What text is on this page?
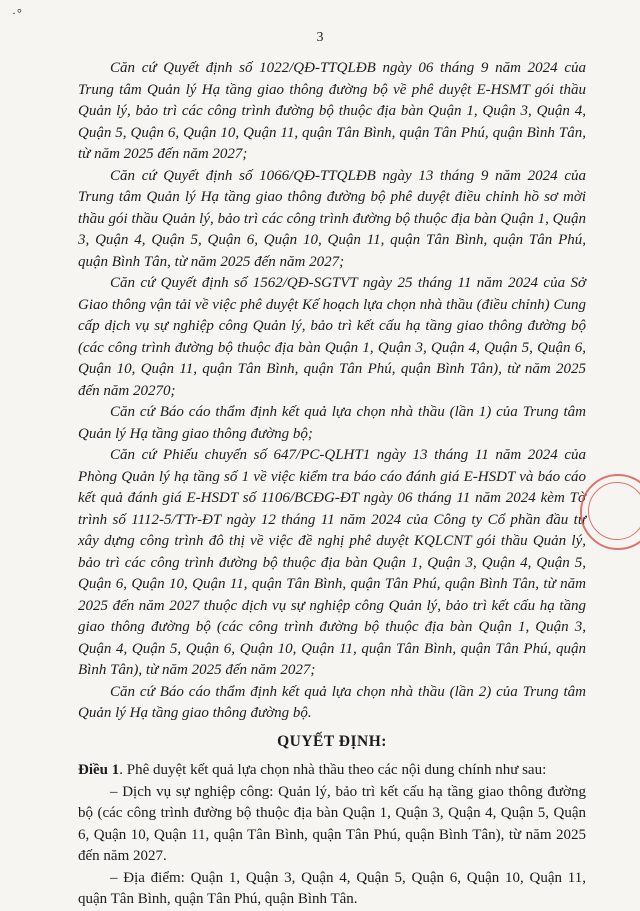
·°
3

Căn cứ Quyết định số 1022/QĐ-TTQLĐB ngày 06 tháng 9 năm 2024 của Trung tâm Quản lý Hạ tầng giao thông đường bộ về phê duyệt E-HSMT gói thầu Quản lý, bảo trì các công trình đường bộ thuộc địa bàn Quận 1, Quận 3, Quận 4, Quận 5, Quận 6, Quận 10, Quận 11, quận Tân Bình, quận Tân Phú, quận Bình Tân, từ năm 2025 đến năm 2027;

Căn cứ Quyết định số 1066/QĐ-TTQLĐB ngày 13 tháng 9 năm 2024 của Trung tâm Quản lý Hạ tầng giao thông đường bộ phê duyệt điều chỉnh hồ sơ mời thầu gói thầu Quản lý, bảo trì các công trình đường bộ thuộc địa bàn Quận 1, Quận 3, Quận 4, Quận 5, Quận 6, Quận 10, Quận 11, quận Tân Bình, quận Tân Phú, quận Bình Tân, từ năm 2025 đến năm 2027;

Căn cứ Quyết định số 1562/QĐ-SGTVT ngày 25 tháng 11 năm 2024 của Sở Giao thông vận tải về việc phê duyệt Kế hoạch lựa chọn nhà thầu (điều chỉnh) Cung cấp dịch vụ sự nghiệp công Quản lý, bảo trì kết cấu hạ tầng giao thông đường bộ (các công trình đường bộ thuộc địa bàn Quận 1, Quận 3, Quận 4, Quận 5, Quận 6, Quận 10, Quận 11, quận Tân Bình, quận Tân Phú, quận Bình Tân), từ năm 2025 đến năm 20270;

Căn cứ Báo cáo thẩm định kết quả lựa chọn nhà thầu (lần 1) của Trung tâm Quản lý Hạ tầng giao thông đường bộ;

Căn cứ Phiếu chuyển số 647/PC-QLHT1 ngày 13 tháng 11 năm 2024 của Phòng Quản lý hạ tầng số 1 về việc kiểm tra báo cáo đánh giá E-HSDT và báo cáo kết quả đánh giá E-HSDT số 1106/BCĐG-ĐT ngày 06 tháng 11 năm 2024 kèm Tờ trình số 1112-5/TTr-ĐT ngày 12 tháng 11 năm 2024 của Công ty Cổ phần đầu tư xây dựng công trình đô thị về việc đề nghị phê duyệt KQLCNT gói thầu Quản lý, bảo trì các công trình đường bộ thuộc địa bàn Quận 1, Quận 3, Quận 4, Quận 5, Quận 6, Quận 10, Quận 11, quận Tân Bình, quận Tân Phú, quận Bình Tân, từ năm 2025 đến năm 2027 thuộc dịch vụ sự nghiệp công Quản lý, bảo trì kết cấu hạ tầng giao thông đường bộ (các công trình đường bộ thuộc địa bàn Quận 1, Quận 3, Quận 4, Quận 5, Quận 6, Quận 10, Quận 11, quận Tân Bình, quận Tân Phú, quận Bình Tân), từ năm 2025 đến năm 2027;

Căn cứ Báo cáo thẩm định kết quả lựa chọn nhà thầu (lần 2) của Trung tâm Quản lý Hạ tầng giao thông đường bộ.

QUYẾT ĐỊNH:

Điều 1. Phê duyệt kết quả lựa chọn nhà thầu theo các nội dung chính như sau:

– Dịch vụ sự nghiệp công: Quản lý, bảo trì kết cấu hạ tầng giao thông đường bộ (các công trình đường bộ thuộc địa bàn Quận 1, Quận 3, Quận 4, Quận 5, Quận 6, Quận 10, Quận 11, quận Tân Bình, quận Tân Phú, quận Bình Tân), từ năm 2025 đến năm 2027.

– Địa điểm: Quận 1, Quận 3, Quận 4, Quận 5, Quận 6, Quận 10, Quận 11, quận Tân Bình, quận Tân Phú, quận Bình Tân.
